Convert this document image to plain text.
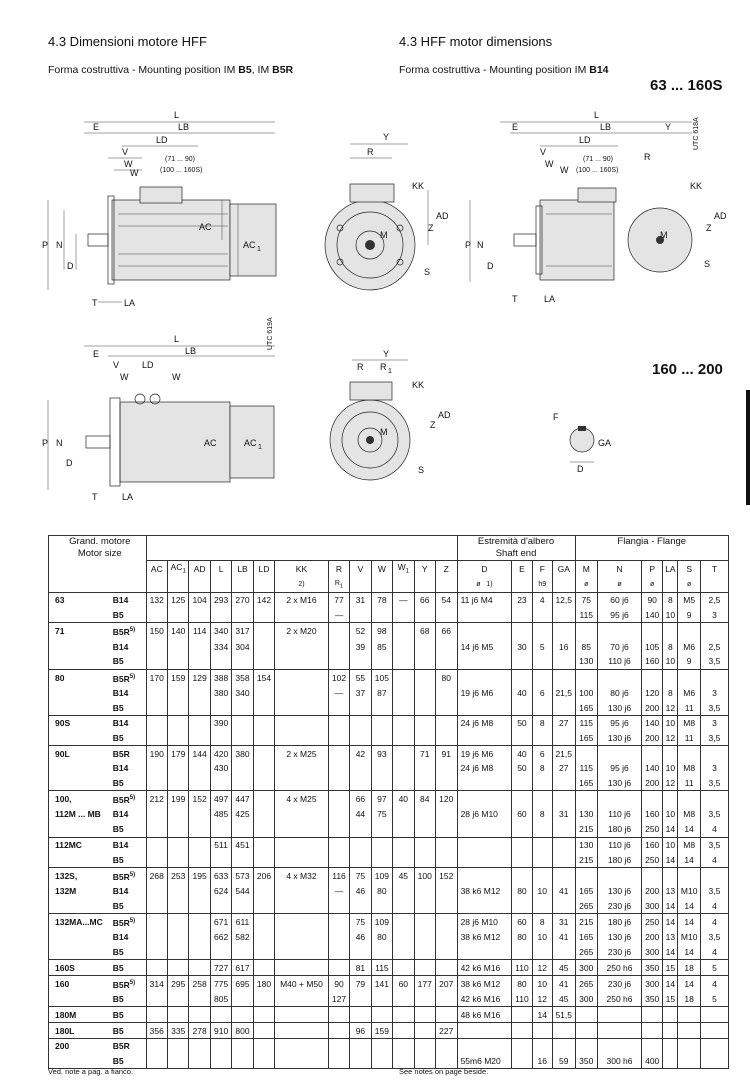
4.3 Dimensioni motore HFF	4.3 HFF motor dimensions
Forma costruttiva - Mounting position IM B5, IM B5R	Forma costruttiva - Mounting position IM B14
63 ... 160S
160 ... 200
L
E	LB
LD
V
W
W
(71 ... 90)
(100 ... 160S)
P N
D
AC
AC 1
T	LA
Y
R
KK
AD
Z
M
S
L
LB
E
LD
V
W
W
(71 ... 90)
(100 ... 160S)
P N
D
T	LA
M
Y
R
KK
AD
Z
S
UTC 618A
L
E	LB
V	LD
W	W
P N
D
AC	AC 1
T	LA
UTC 619A
Y
R R 1
KK
AD
Z
M
S
F
GA
D
Grand. motore
Motor size															Estremità d'albero				Flangia - Flange					
															Shaft end									
		AC	$AC_1$	AD	L	LB	LD	KK	R	V	W	$W_1$	Y	Z	D	E	F	GA	M	N	P	LA	S	T
								2)	$R_1$						ø 1)		h9		ø	ø	ø		ø	
63	B14	132	125	104	293	270	142	2 x M16	77	31	78	—	66	54	11 j6 M4	23	4	12,5	75	60 j6	90	8	M5	2,5
	B5								—										115	95 j6	140	10	9	3
71	$B5R^{5)}$	150	140	114	340	317		2 x M20		52	98		68	66										
	B14				334	304				39	85				14 j6 M5	30	5	16	85	70 j6	105	8	M6	2,5
	B5																		130	110 j6	160	10	9	3,5
80	$B5R^{5)}$	170	159	129	388	358	154		102	55	105			80										
	B14				380	340			—	37	87				19 j6 M6	40	6	21,5	100	80 j6	120	8	M6	3
	B5																		165	130 j6	200	12	11	3,5
90S	B14				390										24 j6 M8	50	8	27	115	95 j6	140	10	M8	3
	B5																		165	130 j6	200	12	11	3,5
90L	B5R	190	179	144	420	380		2 x M25		42	93		71	91	19 j6 M6	40	6	21,5						
	B14				430										24 j6 M8	50	8	27	115	95 j6	140	10	M8	3
	B5																		165	130 j6	200	12	11	3,5
100,	$B5R^{5)}$	212	199	152	497	447		4 x M25		66	97	40	84	120										
112M ... MB	B14				485	425				44	75				28 j6 M10	60	8	31	130	110 j6	160	10	M8	3,5
	B5																		215	180 j6	250	14	14	4
112MC	B14				511	451													130	110 j6	160	10	M8	3,5
	B5																		215	180 j6	250	14	14	4
132S,	$B5R^{5)}$	268	253	195	633	573	206	4 x M32	116	75	109	45	100	152										
132M	B14				624	544			—	46	80				38 k6 M12	80	10	41	165	130 j6	200	13	M10	3,5
	B5																		265	230 j6	300	14	14	4
132MA...MC	$B5R^{5)}$				671	611				75	109				28 j6 M10	60	8	31	215	180 j6	250	14	14	4
	B14				662	582				46	80				38 k6 M12	80	10	41	165	130 j6	200	13	M10	3,5
	B5																		265	230 j6	300	14	14	4
160S	B5				727	617				81	115				42 k6 M16	110	12	45	300	250 h6	350	15	18	5
160	$B5R^{5)}$	314	295	258	775	695	180	M40 + M50	90	79	141	60	177	207	38 k6 M12	80	10	41	265	230 j6	300	14	14	4
	B5				805				127						42 k6 M16	110	12	45	300	250 h6	350	15	18	5
180M	B5														48 k6 M16		14	51,5						
180L	B5	356	335	278	910	800				96	159			227										
200	B5R																							
	B5														55m6 M20		16	59	350	300 h6	400			
Ved. note a pag. a fianco.	See notes on page beside.
